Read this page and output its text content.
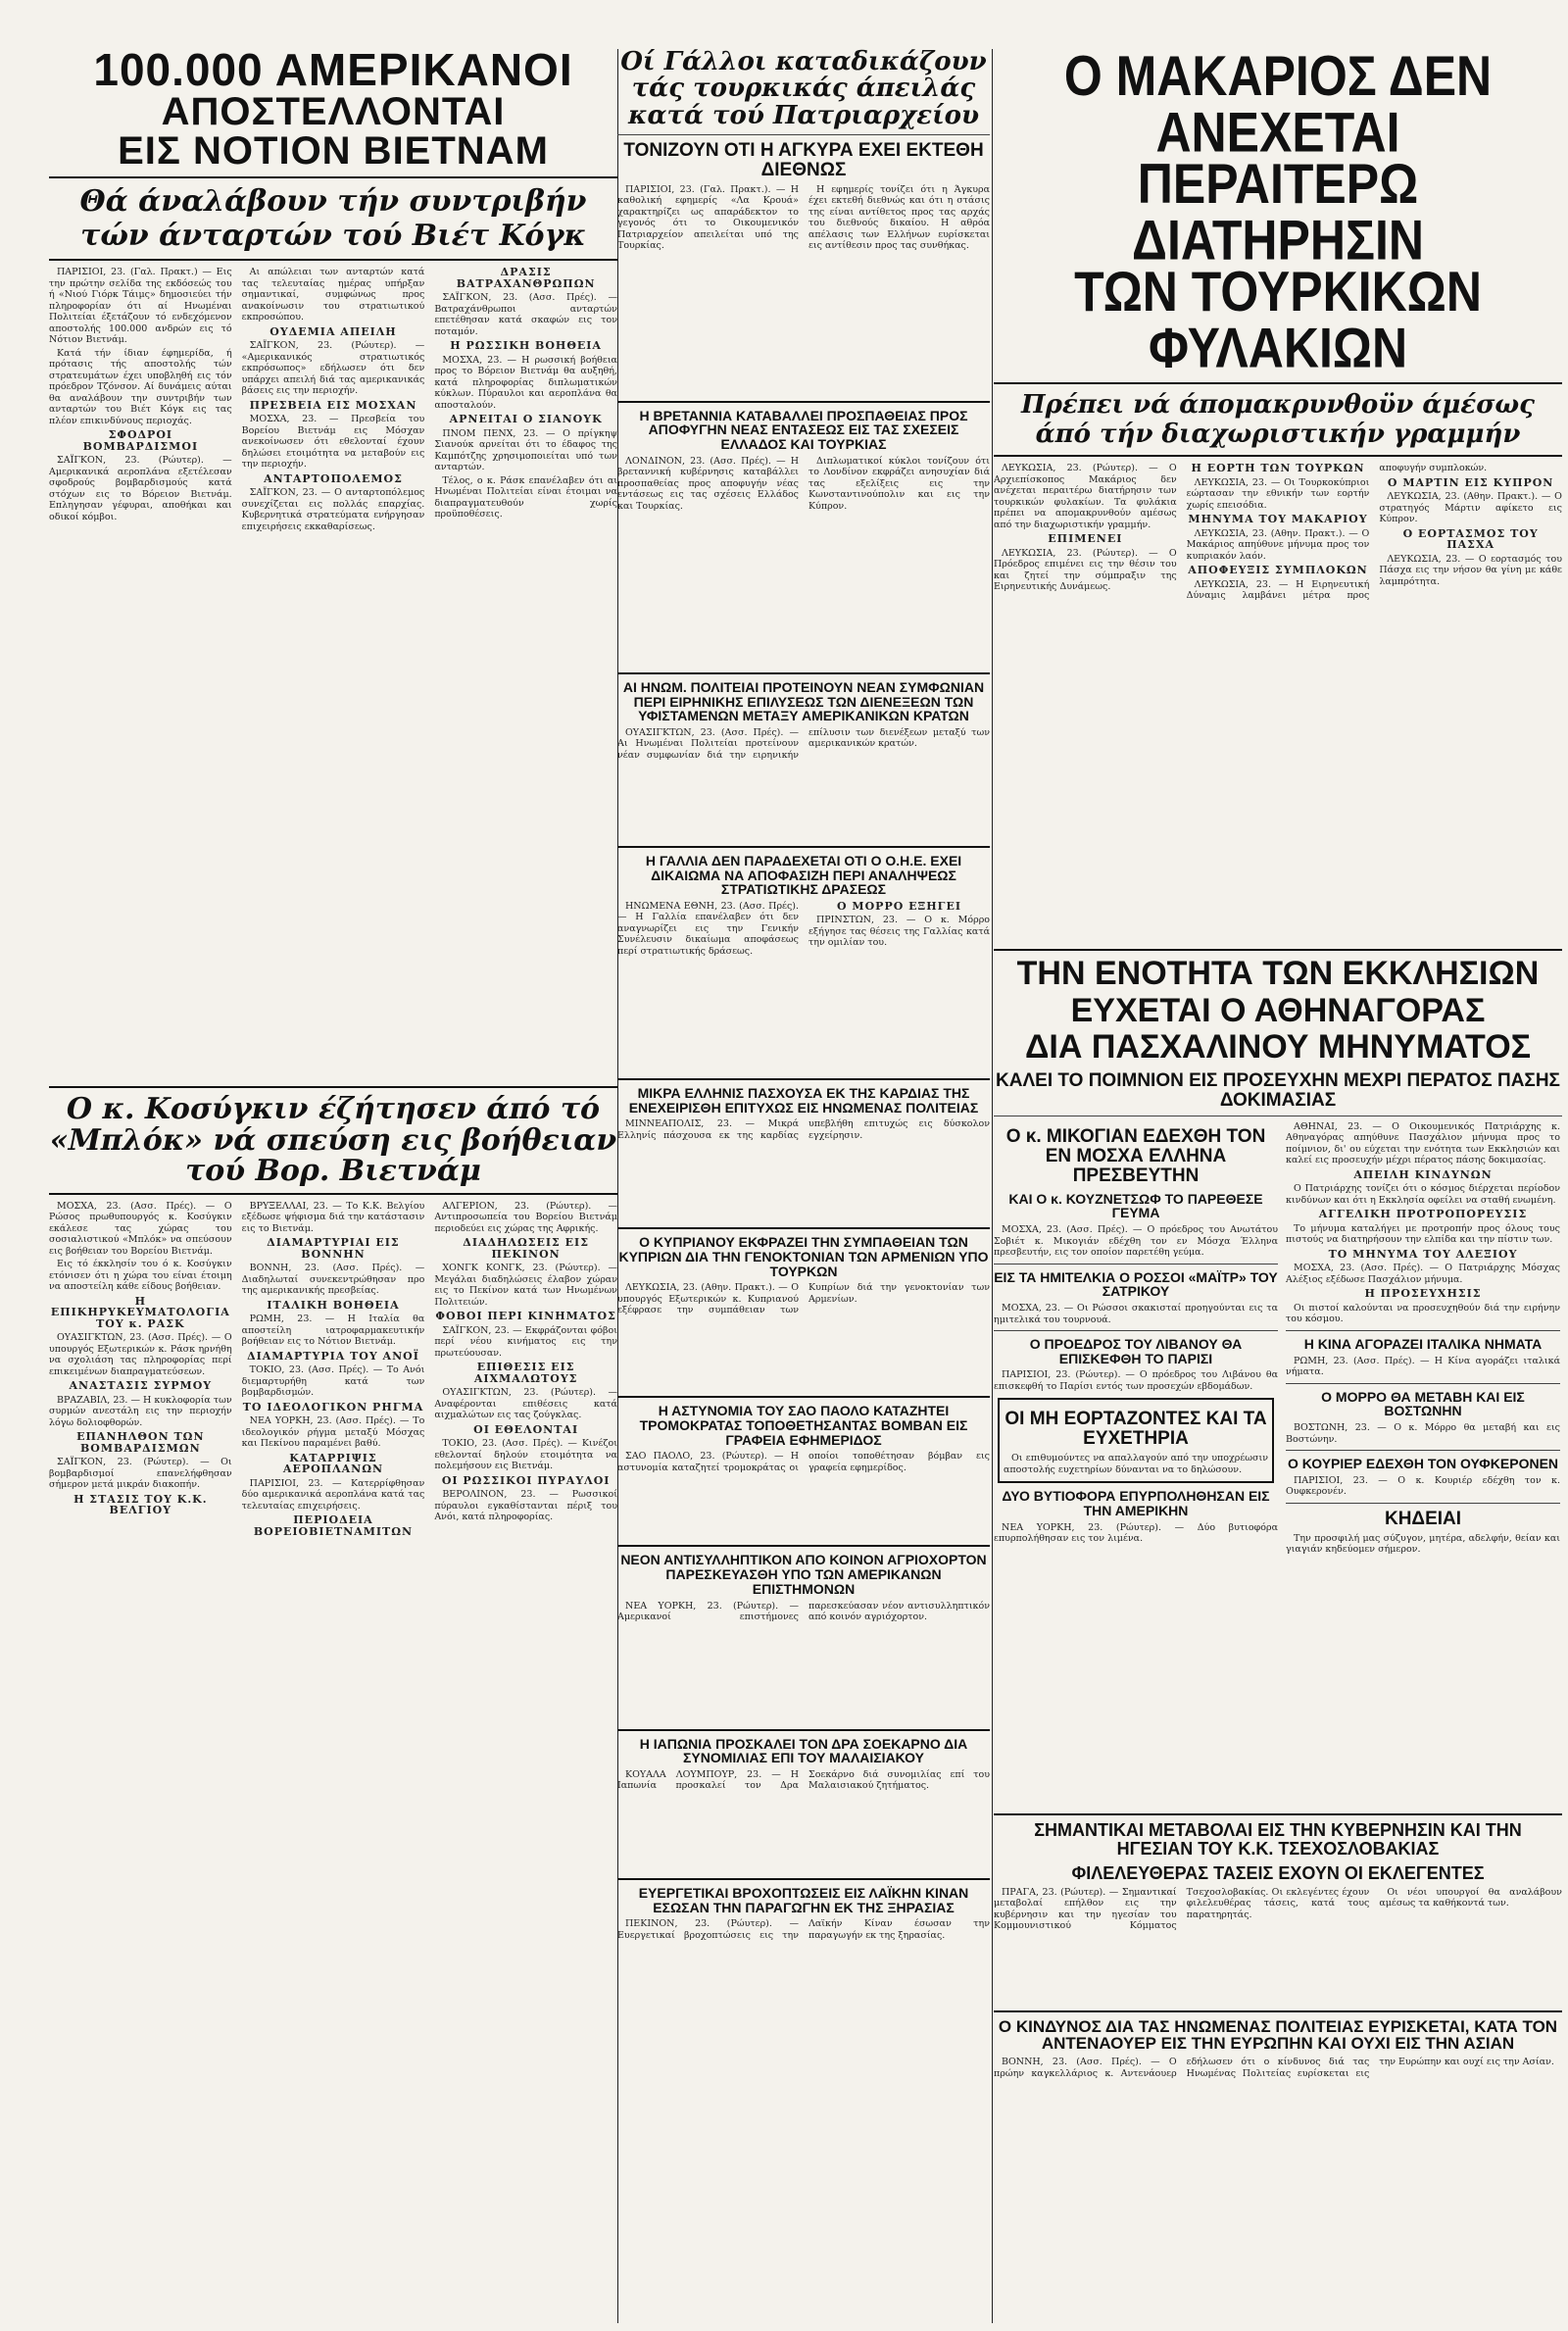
100.000 ΑΜΕΡΙΚΑΝΟΙ
ΑΠΟΣΤΕΛΛΟΝΤΑΙ
ΕΙΣ ΝΟΤΙΟΝ ΒΙΕΤΝΑΜ
Θά άναλάβουν τήν συντριβήν τών άνταρτών τού Βιέτ Κόγκ

ΠΑΡΙΣΙΟΙ, 23. (Γαλ. Πρακτ.) — Εις την πρώτην σελίδα της εκδόσεώς του ή «Νιού Γιόρκ Τάιμς» δημοσιεύει τήν πληροφορίαν ότι αί Ηνωμέναι Πολιτείαι έξετάζουν τό ενδεχόμενον αποστολής 100.000 ανδρών εις τό Νότιον Βιετνάμ.

Κατά τήν ίδιαν έφημερίδα, ή πρότασις τής αποστολής τών στρατευμάτων έχει υποβληθή εις τόν πρόεδρον Τζόνσον. Αί δυνάμεις αύται θα αναλάβουν την συντριβήν των ανταρτών του Βιέτ Κόγκ εις τας πλέον επικινδύνους περιοχάς.

ΣΦΟΔΡΟΙ ΒΟΜΒΑΡΔΙΣΜΟΙ

ΣΑΪΓΚΟΝ, 23. (Ρώυτερ). — Αμερικανικά αεροπλάνα εξετέλεσαν σφοδρούς βομβαρδισμούς κατά στόχων εις το Βόρειον Βιετνάμ. Επληγησαν γέφυραι, αποθήκαι και οδικοί κόμβοι.

Αι απώλειαι των ανταρτών κατά τας τελευταίας ημέρας υπήρξαν σημαντικαί, συμφώνως προς ανακοίνωσιν του στρατιωτικού εκπροσώπου.

ΟΥΔΕΜΙΑ ΑΠΕΙΛΗ

ΣΑΪΓΚΟΝ, 23. (Ρώυτερ). — «Αμερικανικός στρατιωτικός εκπρόσωπος» εδήλωσεν ότι δεν υπάρχει απειλή διά τας αμερικανικάς βάσεις εις την περιοχήν.

ΠΡΕΣΒΕΙΑ ΕΙΣ ΜΟΣΧΑΝ

ΜΟΣΧΑ, 23. — Πρεσβεία του Βορείου Βιετνάμ εις Μόσχαν ανεκοίνωσεν ότι εθελονταί έχουν δηλώσει ετοιμότητα να μεταβούν εις την περιοχήν.

ΑΝΤΑΡΤΟΠΟΛΕΜΟΣ

ΣΑΪΓΚΟΝ, 23. — Ο ανταρτοπόλεμος συνεχίζεται εις πολλάς επαρχίας. Κυβερνητικά στρατεύματα ενήργησαν επιχειρήσεις εκκαθαρίσεως.

ΔΡΑΣΙΣ ΒΑΤΡΑΧΑΝΘΡΩΠΩΝ

ΣΑΪΓΚΟΝ, 23. (Ασσ. Πρές). — Βατραχάνθρωποι ανταρτών επετέθησαν κατά σκαφών εις τον ποταμόν.

Η ΡΩΣΣΙΚΗ ΒΟΗΘΕΙΑ

ΜΟΣΧΑ, 23. — Η ρωσσική βοήθεια προς το Βόρειον Βιετνάμ θα αυξηθή, κατά πληροφορίας διπλωματικών κύκλων. Πύραυλοι και αεροπλάνα θα αποσταλούν.

ΑΡΝΕΙΤΑΙ Ο ΣΙΑΝΟΥΚ

ΠΝΟΜ ΠΕΝΧ, 23. — Ο πρίγκηψ Σιανούκ αρνείται ότι το έδαφος της Καμπότζης χρησιμοποιείται υπό των ανταρτών.

Τέλος, ο κ. Ράσκ επανέλαβεν ότι αι Ηνωμέναι Πολιτείαι είναι έτοιμαι να διαπραγματευθούν χωρίς προϋποθέσεις.

Ο κ. Κοσύγκιν έζήτησεν άπό τό «Μπλόκ» νά σπεύση εις βοήθειαν τού Βορ. Βιετνάμ

ΜΟΣΧΑ, 23. (Ασσ. Πρές). — Ο Ρώσος πρωθυπουργός κ. Κοσύγκιν εκάλεσε τας χώρας του σοσιαλιστικού «Μπλόκ» να σπεύσουν εις βοήθειαν του Βορείου Βιετνάμ.

Εις τό έκκλησίν του ό κ. Κοσύγκιν ετόνισεν ότι η χώρα του είναι έτοιμη να αποστείλη κάθε είδους βοήθειαν.

Η ΕΠΙΚΗΡΥΚΕΥΜΑΤΟΛΟΓΙΑ ΤΟΥ κ. ΡΑΣΚ

ΟΥΑΣΙΓΚΤΩΝ, 23. (Ασσ. Πρές). — Ο υπουργός Εξωτερικών κ. Ράσκ ηρνήθη να σχολιάση τας πληροφορίας περί επικειμένων διαπραγματεύσεων.

ΑΝΑΣΤΑΣΙΣ ΣΥΡΜΟΥ

ΒΡΑΖΑΒΙΛ, 23. — Η κυκλοφορία των συρμών ανεστάλη εις την περιοχήν λόγω δολιοφθορών.

ΕΠΑΝΗΛΘΟΝ ΤΩΝ ΒΟΜΒΑΡΔΙΣΜΩΝ

ΣΑΪΓΚΟΝ, 23. (Ρώυτερ). — Οι βομβαρδισμοί επανελήφθησαν σήμερον μετά μικράν διακοπήν.

Η ΣΤΑΣΙΣ ΤΟΥ Κ.Κ. ΒΕΛΓΙΟΥ

ΒΡΥΞΕΛΛΑΙ, 23. — Το Κ.Κ. Βελγίου εξέδωσε ψήφισμα διά την κατάστασιν εις το Βιετνάμ.

ΔΙΑΜΑΡΤΥΡΙΑΙ ΕΙΣ ΒΟΝΝΗΝ

ΒΟΝΝΗ, 23. (Ασσ. Πρές). — Διαδηλωταί συνεκεντρώθησαν προ της αμερικανικής πρεσβείας.

ΙΤΑΛΙΚΗ ΒΟΗΘΕΙΑ

ΡΩΜΗ, 23. — Η Ιταλία θα αποστείλη ιατροφαρμακευτικήν βοήθειαν εις το Νότιον Βιετνάμ.

ΔΙΑΜΑΡΤΥΡΙΑ ΤΟΥ ΑΝΟΪ

ΤΟΚΙΟ, 23. (Ασσ. Πρές). — Το Ανόι διεμαρτυρήθη κατά των βομβαρδισμών.

ΤΟ ΙΔΕΟΛΟΓΙΚΟΝ ΡΗΓΜΑ

ΝΕΑ ΥΟΡΚΗ, 23. (Ασσ. Πρές). — Το ιδεολογικόν ρήγμα μεταξύ Μόσχας και Πεκίνου παραμένει βαθύ.

ΚΑΤΑΡΡΙΨΙΣ ΑΕΡΟΠΛΑΝΩΝ

ΠΑΡΙΣΙΟΙ, 23. — Κατερρίφθησαν δύο αμερικανικά αεροπλάνα κατά τας τελευταίας επιχειρήσεις.

ΠΕΡΙΟΔΕΙΑ ΒΟΡΕΙΟΒΙΕΤΝΑΜΙΤΩΝ

ΑΛΓΕΡΙΟΝ, 23. (Ρώυτερ). — Αντιπροσωπεία του Βορείου Βιετνάμ περιοδεύει εις χώρας της Αφρικής.

ΔΙΑΔΗΛΩΣΕΙΣ ΕΙΣ ΠΕΚΙΝΟΝ

ΧΟΝΓΚ ΚΟΝΓΚ, 23. (Ρώυτερ). — Μεγάλαι διαδηλώσεις έλαβον χώραν εις το Πεκίνον κατά των Ηνωμένων Πολιτειών.

ΦΟΒΟΙ ΠΕΡΙ ΚΙΝΗΜΑΤΟΣ

ΣΑΪΓΚΟΝ, 23. — Εκφράζονται φόβοι περί νέου κινήματος εις την πρωτεύουσαν.

ΕΠΙΘΕΣΙΣ ΕΙΣ ΑΙΧΜΑΛΩΤΟΥΣ

ΟΥΑΣΙΓΚΤΩΝ, 23. (Ρώυτερ). — Αναφέρονται επιθέσεις κατά αιχμαλώτων εις τας ζούγκλας.

ΟΙ ΕΘΕΛΟΝΤΑΙ

ΤΟΚΙΟ, 23. (Ασσ. Πρές). — Κινέζοι εθελονταί δηλούν ετοιμότητα να πολεμήσουν εις Βιετνάμ.

ΟΙ ΡΩΣΣΙΚΟΙ ΠΥΡΑΥΛΟΙ

ΒΕΡΟΛΙΝΟΝ, 23. — Ρωσσικοί πύραυλοι εγκαθίστανται πέριξ του Ανόι, κατά πληροφορίας.

Οί Γάλλοι καταδικάζουν τάς τουρκικάς άπειλάς κατά τού Πατριαρχείου
ΤΟΝΙΖΟΥΝ ΟΤΙ Η ΑΓΚΥΡΑ ΕΧΕΙ ΕΚΤΕΘΗ ΔΙΕΘΝΩΣ

ΠΑΡΙΣΙΟΙ, 23. (Γαλ. Πρακτ.). — Η καθολική εφημερίς «Λα Κρουά» χαρακτηρίζει ως απαράδεκτον το γεγονός ότι το Οικουμενικόν Πατριαρχείον απειλείται υπό της Τουρκίας.

Η εφημερίς τονίζει ότι η Άγκυρα έχει εκτεθή διεθνώς και ότι η στάσις της είναι αντίθετος προς τας αρχάς του διεθνούς δικαίου. Η αθρόα απέλασις των Ελλήνων ευρίσκεται εις αντίθεσιν προς τας συνθήκας.

Η ΒΡΕΤΑΝΝΙΑ ΚΑΤΑΒΑΛΛΕΙ ΠΡΟΣΠΑΘΕΙΑΣ ΠΡΟΣ ΑΠΟΦΥΓΗΝ ΝΕΑΣ ΕΝΤΑΣΕΩΣ ΕΙΣ ΤΑΣ ΣΧΕΣΕΙΣ ΕΛΛΑΔΟΣ ΚΑΙ ΤΟΥΡΚΙΑΣ

ΛΟΝΔΙΝΟΝ, 23. (Ασσ. Πρές). — Η βρεταννική κυβέρνησις καταβάλλει προσπαθείας προς αποφυγήν νέας εντάσεως εις τας σχέσεις Ελλάδος και Τουρκίας.

Διπλωματικοί κύκλοι τονίζουν ότι το Λονδίνον εκφράζει ανησυχίαν διά τας εξελίξεις εις την Κωνσταντινούπολιν και εις την Κύπρον.

ΑΙ ΗΝΩΜ. ΠΟΛΙΤΕΙΑΙ ΠΡΟΤΕΙΝΟΥΝ ΝΕΑΝ ΣΥΜΦΩΝΙΑΝ ΠΕΡΙ ΕΙΡΗΝΙΚΗΣ ΕΠΙΛΥΣΕΩΣ ΤΩΝ ΔΙΕΝΕΞΕΩΝ ΤΩΝ ΥΦΙΣΤΑΜΕΝΩΝ ΜΕΤΑΞΥ ΑΜΕΡΙΚΑΝΙΚΩΝ ΚΡΑΤΩΝ

ΟΥΑΣΙΓΚΤΩΝ, 23. (Ασσ. Πρές). — Αι Ηνωμέναι Πολιτείαι προτείνουν νέαν συμφωνίαν διά την ειρηνικήν επίλυσιν των διενέξεων μεταξύ των αμερικανικών κρατών.

Η ΓΑΛΛΙΑ ΔΕΝ ΠΑΡΑΔΕΧΕΤΑΙ ΟΤΙ Ο Ο.Η.Ε. ΕΧΕΙ ΔΙΚΑΙΩΜΑ ΝΑ ΑΠΟΦΑΣΙΖΗ ΠΕΡΙ ΑΝΑΛΗΨΕΩΣ ΣΤΡΑΤΙΩΤΙΚΗΣ ΔΡΑΣΕΩΣ

ΗΝΩΜΕΝΑ ΕΘΝΗ, 23. (Ασσ. Πρές). — Η Γαλλία επανέλαβεν ότι δεν αναγνωρίζει εις την Γενικήν Συνέλευσιν δικαίωμα αποφάσεως περί στρατιωτικής δράσεως.

Ο ΜΟΡΡΟ ΕΞΗΓΕΙ

ΠΡΙΝΣΤΩΝ, 23. — Ο κ. Μόρρο εξήγησε τας θέσεις της Γαλλίας κατά την ομιλίαν του.

ΜΙΚΡΑ ΕΛΛΗΝΙΣ ΠΑΣΧΟΥΣΑ ΕΚ ΤΗΣ ΚΑΡΔΙΑΣ ΤΗΣ ΕΝΕΧΕΙΡΙΣΘΗ ΕΠΙΤΥΧΩΣ ΕΙΣ ΗΝΩΜΕΝΑΣ ΠΟΛΙΤΕΙΑΣ

ΜΙΝΝΕΑΠΟΛΙΣ, 23. — Μικρά Ελληνίς πάσχουσα εκ της καρδίας υπεβλήθη επιτυχώς εις δύσκολον εγχείρησιν.

Ο ΚΥΠΡΙΑΝΟΥ ΕΚΦΡΑΖΕΙ ΤΗΝ ΣΥΜΠΑΘΕΙΑΝ ΤΩΝ ΚΥΠΡΙΩΝ ΔΙΑ ΤΗΝ ΓΕΝΟΚΤΟΝΙΑΝ ΤΩΝ ΑΡΜΕΝΙΩΝ ΥΠΟ ΤΟΥΡΚΩΝ

ΛΕΥΚΩΣΙΑ, 23. (Αθην. Πρακτ.). — Ο υπουργός Εξωτερικών κ. Κυπριανού εξέφρασε την συμπάθειαν των Κυπρίων διά την γενοκτονίαν των Αρμενίων.

Η ΑΣΤΥΝΟΜΙΑ ΤΟΥ ΣΑΟ ΠΑΟΛΟ ΚΑΤΑΖΗΤΕΙ ΤΡΟΜΟΚΡΑΤΑΣ ΤΟΠΟΘΕΤΗΣΑΝΤΑΣ ΒΟΜΒΑΝ ΕΙΣ ΓΡΑΦΕΙΑ ΕΦΗΜΕΡΙΔΟΣ

ΣΑΟ ΠΑΟΛΟ, 23. (Ρώυτερ). — Η αστυνομία καταζητεί τρομοκράτας οι οποίοι τοποθέτησαν βόμβαν εις γραφεία εφημερίδος.

ΝΕΟΝ ΑΝΤΙΣΥΛΛΗΠΤΙΚΟΝ ΑΠΟ ΚΟΙΝΟΝ ΑΓΡΙΟΧΟΡΤΟΝ ΠΑΡΕΣΚΕΥΑΣΘΗ ΥΠΟ ΤΩΝ ΑΜΕΡΙΚΑΝΩΝ ΕΠΙΣΤΗΜΟΝΩΝ

ΝΕΑ ΥΟΡΚΗ, 23. (Ρώυτερ). — Αμερικανοί επιστήμονες παρεσκεύασαν νέον αντισυλληπτικόν από κοινόν αγριόχορτον.

Η ΙΑΠΩΝΙΑ ΠΡΟΣΚΑΛΕΙ ΤΟΝ ΔΡΑ ΣΟΕΚΑΡΝΟ ΔΙΑ ΣΥΝΟΜΙΛΙΑΣ ΕΠΙ ΤΟΥ ΜΑΛΑΙΣΙΑΚΟΥ

ΚΟΥΑΛΑ ΛΟΥΜΠΟΥΡ, 23. — Η Ιαπωνία προσκαλεί τον Δρα Σοεκάρνο διά συνομιλίας επί του Μαλαισιακού ζητήματος.

ΕΥΕΡΓΕΤΙΚΑΙ ΒΡΟΧΟΠΤΩΣΕΙΣ ΕΙΣ ΛΑΪΚΗΝ ΚΙΝΑΝ ΕΣΩΣΑΝ ΤΗΝ ΠΑΡΑΓΩΓΗΝ ΕΚ ΤΗΣ ΞΗΡΑΣΙΑΣ

ΠΕΚΙΝΟΝ, 23. (Ρώυτερ). — Ευεργετικαί βροχοπτώσεις εις την Λαϊκήν Κίναν έσωσαν την παραγωγήν εκ της ξηρασίας.

Ο ΜΑΚΑΡΙΟΣ ΔΕΝ ΑΝΕΧΕΤΑΙ
ΠΕΡΑΙΤΕΡΩ ΔΙΑΤΗΡΗΣΙΝ
ΤΩΝ ΤΟΥΡΚΙΚΩΝ ΦΥΛΑΚΙΩΝ
Πρέπει νά άπομακρυνθοϋν άμέσως άπό τήν διαχωριστικήν γραμμήν

ΛΕΥΚΩΣΙΑ, 23. (Ρώυτερ). — Ο Αρχιεπίσκοπος Μακάριος δεν ανέχεται περαιτέρω διατήρησιν των τουρκικών φυλακίων. Τα φυλάκια πρέπει να απομακρυνθούν αμέσως από την διαχωριστικήν γραμμήν.

ΕΠΙΜΕΝΕΙ

ΛΕΥΚΩΣΙΑ, 23. (Ρώυτερ). — Ο Πρόεδρος επιμένει εις την θέσιν του και ζητεί την σύμπραξιν της Ειρηνευτικής Δυνάμεως.

Η ΕΟΡΤΗ ΤΩΝ ΤΟΥΡΚΩΝ

ΛΕΥΚΩΣΙΑ, 23. — Οι Τουρκοκύπριοι εώρτασαν την εθνικήν των εορτήν χωρίς επεισόδια.

ΜΗΝΥΜΑ ΤΟΥ ΜΑΚΑΡΙΟΥ

ΛΕΥΚΩΣΙΑ, 23. (Αθην. Πρακτ.). — Ο Μακάριος απηύθυνε μήνυμα προς τον κυπριακόν λαόν.

ΑΠΟΦΕΥΞΙΣ ΣΥΜΠΛΟΚΩΝ

ΛΕΥΚΩΣΙΑ, 23. — Η Ειρηνευτική Δύναμις λαμβάνει μέτρα προς αποφυγήν συμπλοκών.

Ο ΜΑΡΤΙΝ ΕΙΣ ΚΥΠΡΟΝ

ΛΕΥΚΩΣΙΑ, 23. (Αθην. Πρακτ.). — Ο στρατηγός Μάρτιν αφίκετο εις Κύπρον.

Ο ΕΟΡΤΑΣΜΟΣ ΤΟΥ ΠΑΣΧΑ

ΛΕΥΚΩΣΙΑ, 23. — Ο εορτασμός του Πάσχα εις την νήσον θα γίνη με κάθε λαμπρότητα.

ΤΗΝ ΕΝΟΤΗΤΑ ΤΩΝ ΕΚΚΛΗΣΙΩΝ
ΕΥΧΕΤΑΙ Ο ΑΘΗΝΑΓΟΡΑΣ
ΔΙΑ ΠΑΣΧΑΛΙΝΟΥ ΜΗΝΥΜΑΤΟΣ
ΚΑΛΕΙ ΤΟ ΠΟΙΜΝΙΟΝ ΕΙΣ ΠΡΟΣΕΥΧΗΝ ΜΕΧΡΙ ΠΕΡΑΤΟΣ ΠΑΣΗΣ ΔΟΚΙΜΑΣΙΑΣ
Ο κ. ΜΙΚΟΓΙΑΝ ΕΔΕΧΘΗ ΤΟΝ ΕΝ ΜΟΣΧΑ ΕΛΛΗΝΑ ΠΡΕΣΒΕΥΤΗΝ
ΚΑΙ Ο κ. ΚΟΥΖΝΕΤΣΩΦ ΤΟ ΠΑΡΕΘΕΣΕ ΓΕΥΜΑ

ΜΟΣΧΑ, 23. (Ασσ. Πρές). — Ο πρόεδρος του Ανωτάτου Σοβιέτ κ. Μικογιάν εδέχθη τον εν Μόσχα Έλληνα πρεσβευτήν, εις τον οποίον παρετέθη γεύμα.

ΕΙΣ ΤΑ ΗΜΙΤΕΛΚΙΑ Ο ΡΟΣΣΟΙ «ΜΑΪΤΡ» ΤΟΥ ΣΑΤΡΙΚΟΥ

ΜΟΣΧΑ, 23. — Οι Ρώσσοι σκακισταί προηγούνται εις τα ημιτελικά του τουρνουά.

Ο ΠΡΟΕΔΡΟΣ ΤΟΥ ΛΙΒΑΝΟΥ ΘΑ ΕΠΙΣΚΕΦΘΗ ΤΟ ΠΑΡΙΣΙ

ΠΑΡΙΣΙΟΙ, 23. (Ρώυτερ). — Ο πρόεδρος του Λιβάνου θα επισκεφθή το Παρίσι εντός των προσεχών εβδομάδων.

ΟΙ ΜΗ ΕΟΡΤΑΖΟΝΤΕΣ ΚΑΙ ΤΑ ΕΥΧΕΤΗΡΙΑ

Οι επιθυμούντες να απαλλαγούν από την υποχρέωσιν αποστολής ευχετηρίων δύνανται να το δηλώσουν.

ΔΥΟ ΒΥΤΙΟΦΟΡΑ ΕΠΥΡΠΟΛΗΘΗΣΑΝ ΕΙΣ ΤΗΝ ΑΜΕΡΙΚΗΝ

ΝΕΑ ΥΟΡΚΗ, 23. (Ρώυτερ). — Δύο βυτιοφόρα επυρπολήθησαν εις τον λιμένα.

ΑΘΗΝΑΙ, 23. — Ο Οικουμενικός Πατριάρχης κ. Αθηναγόρας απηύθυνε Πασχάλιον μήνυμα προς το ποίμνιον, δι' ου εύχεται την ενότητα των Εκκλησιών και καλεί εις προσευχήν μέχρι πέρατος πάσης δοκιμασίας.

ΑΠΕΙΛΗ ΚΙΝΔΥΝΩΝ

Ο Πατριάρχης τονίζει ότι ο κόσμος διέρχεται περίοδον κινδύνων και ότι η Εκκλησία οφείλει να σταθή ενωμένη.

ΑΓΓΕΛΙΚΗ ΠΡΟΤΡΟΠΟΡΕΥΣΙΣ

Το μήνυμα καταλήγει με προτροπήν προς όλους τους πιστούς να διατηρήσουν την ελπίδα και την πίστιν των.

ΤΟ ΜΗΝΥΜΑ ΤΟΥ ΑΛΕΞΙΟΥ

ΜΟΣΧΑ, 23. (Ασσ. Πρές). — Ο Πατριάρχης Μόσχας Αλέξιος εξέδωσε Πασχάλιον μήνυμα.

Η ΠΡΟΣΕΥΧΗΣΙΣ

Οι πιστοί καλούνται να προσευχηθούν διά την ειρήνην του κόσμου.

Η ΚΙΝΑ ΑΓΟΡΑΖΕΙ ΙΤΑΛΙΚΑ ΝΗΜΑΤΑ

ΡΩΜΗ, 23. (Ασσ. Πρές). — Η Κίνα αγοράζει ιταλικά νήματα.

Ο ΜΟΡΡΟ ΘΑ ΜΕΤΑΒΗ ΚΑΙ ΕΙΣ ΒΟΣΤΩΝΗΝ

ΒΟΣΤΩΝΗ, 23. — Ο κ. Μόρρο θα μεταβή και εις Βοστώνην.

Ο ΚΟΥΡΙΕΡ ΕΔΕΧΘΗ ΤΟΝ ΟΥΦΚΕΡΟΝΕΝ

ΠΑΡΙΣΙΟΙ, 23. — Ο κ. Κουριέρ εδέχθη τον κ. Ουφκερονέν.

ΚΗΔΕΙΑΙ

Την προσφιλή μας σύζυγον, μητέρα, αδελφήν, θείαν και γιαγιάν κηδεύομεν σήμερον.

ΣΗΜΑΝΤΙΚΑΙ ΜΕΤΑΒΟΛΑΙ ΕΙΣ ΤΗΝ ΚΥΒΕΡΝΗΣΙΝ ΚΑΙ ΤΗΝ ΗΓΕΣΙΑΝ ΤΟΥ Κ.Κ. ΤΣΕΧΟΣΛΟΒΑΚΙΑΣ
ΦΙΛΕΛΕΥΘΕΡΑΣ ΤΑΣΕΙΣ ΕΧΟΥΝ ΟΙ ΕΚΛΕΓΕΝΤΕΣ

ΠΡΑΓΑ, 23. (Ρώυτερ). — Σημαντικαί μεταβολαί επήλθον εις την κυβέρνησιν και την ηγεσίαν του Κομμουνιστικού Κόμματος Τσεχοσλοβακίας. Οι εκλεγέντες έχουν φιλελευθέρας τάσεις, κατά τους παρατηρητάς.

Οι νέοι υπουργοί θα αναλάβουν αμέσως τα καθήκοντά των.

Ο ΚΙΝΔΥΝΟΣ ΔΙΑ ΤΑΣ ΗΝΩΜΕΝΑΣ ΠΟΛΙΤΕΙΑΣ ΕΥΡΙΣΚΕΤΑΙ, ΚΑΤΑ ΤΟΝ ΑΝΤΕΝΑΟΥΕΡ ΕΙΣ ΤΗΝ ΕΥΡΩΠΗΝ ΚΑΙ ΟΥΧΙ ΕΙΣ ΤΗΝ ΑΣΙΑΝ

ΒΟΝΝΗ, 23. (Ασσ. Πρές). — Ο πρώην καγκελλάριος κ. Αντενάουερ εδήλωσεν ότι ο κίνδυνος διά τας Ηνωμένας Πολιτείας ευρίσκεται εις την Ευρώπην και ουχί εις την Ασίαν.
